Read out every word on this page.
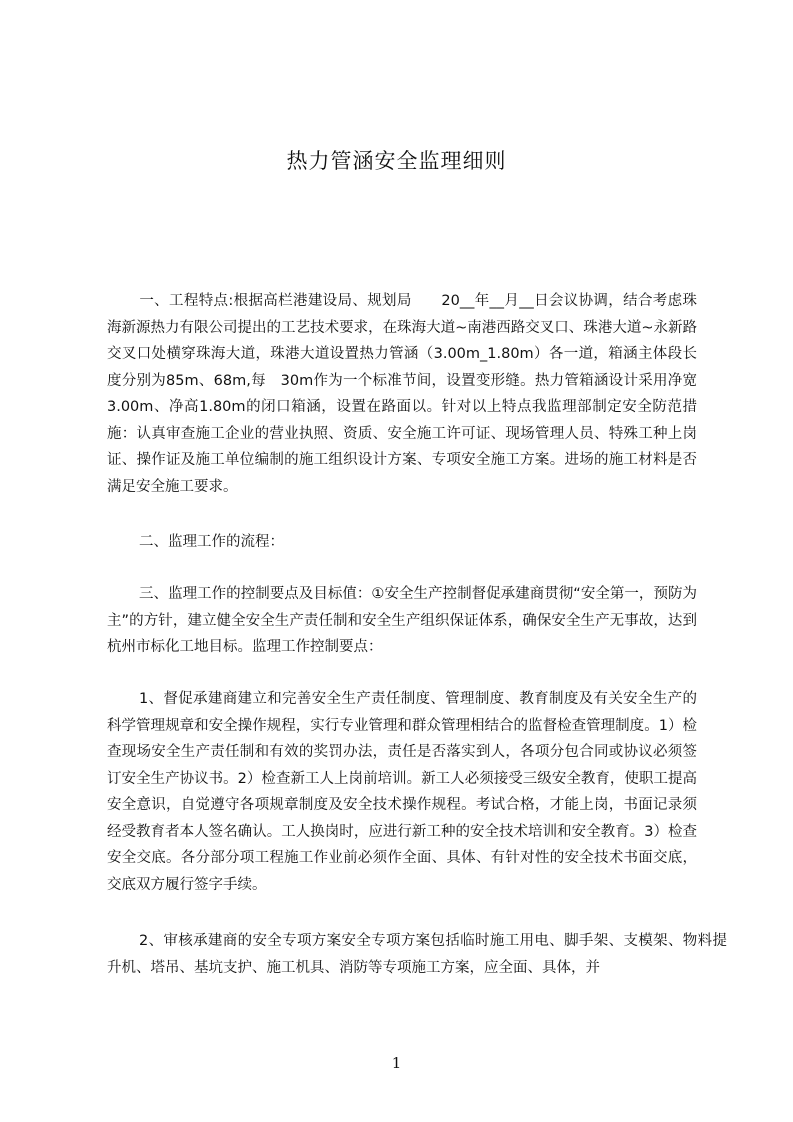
热力管涵安全监理细则
一、工程特点:根据高栏港建设局、规划局　　20__年__月__日会议协调，结合考虑珠海新源热力有限公司提出的工艺技术要求，在珠海大道~南港西路交叉口、珠港大道~永新路交叉口处横穿珠海大道，珠港大道设置热力管涵（3.00m_1.80m）各一道，箱涵主体段长度分别为85m、68m,每　30m作为一个标准节间，设置变形缝。热力管箱涵设计采用净宽3.00m、净高1.80m的闭口箱涵，设置在路面以。针对以上特点我监理部制定安全防范措施：认真审查施工企业的营业执照、资质、安全施工许可证、现场管理人员、特殊工种上岗证、操作证及施工单位编制的施工组织设计方案、专项安全施工方案。进场的施工材料是否满足安全施工要求。
二、监理工作的流程：
三、监理工作的控制要点及目标值：①安全生产控制督促承建商贯彻“安全第一，预防为主”的方针，建立健全安全生产责任制和安全生产组织保证体系，确保安全生产无事故，达到杭州市标化工地目标。监理工作控制要点：
1、督促承建商建立和完善安全生产责任制度、管理制度、教育制度及有关安全生产的科学管理规章和安全操作规程，实行专业管理和群众管理相结合的监督检查管理制度。1）检查现场安全生产责任制和有效的奖罚办法，责任是否落实到人，各项分包合同或协议必须签订安全生产协议书。2）检查新工人上岗前培训。新工人必须接受三级安全教育，使职工提高安全意识，自觉遵守各项规章制度及安全技术操作规程。考试合格，才能上岗，书面记录须经受教育者本人签名确认。工人换岗时，应进行新工种的安全技术培训和安全教育。3）检查安全交底。各分部分项工程施工作业前必须作全面、具体、有针对性的安全技术书面交底，交底双方履行签字手续。
2、审核承建商的安全专项方案安全专项方案包括临时施工用电、脚手架、支模架、物料提升机、塔吊、基坑支护、施工机具、消防等专项施工方案，应全面、具体，并
1
